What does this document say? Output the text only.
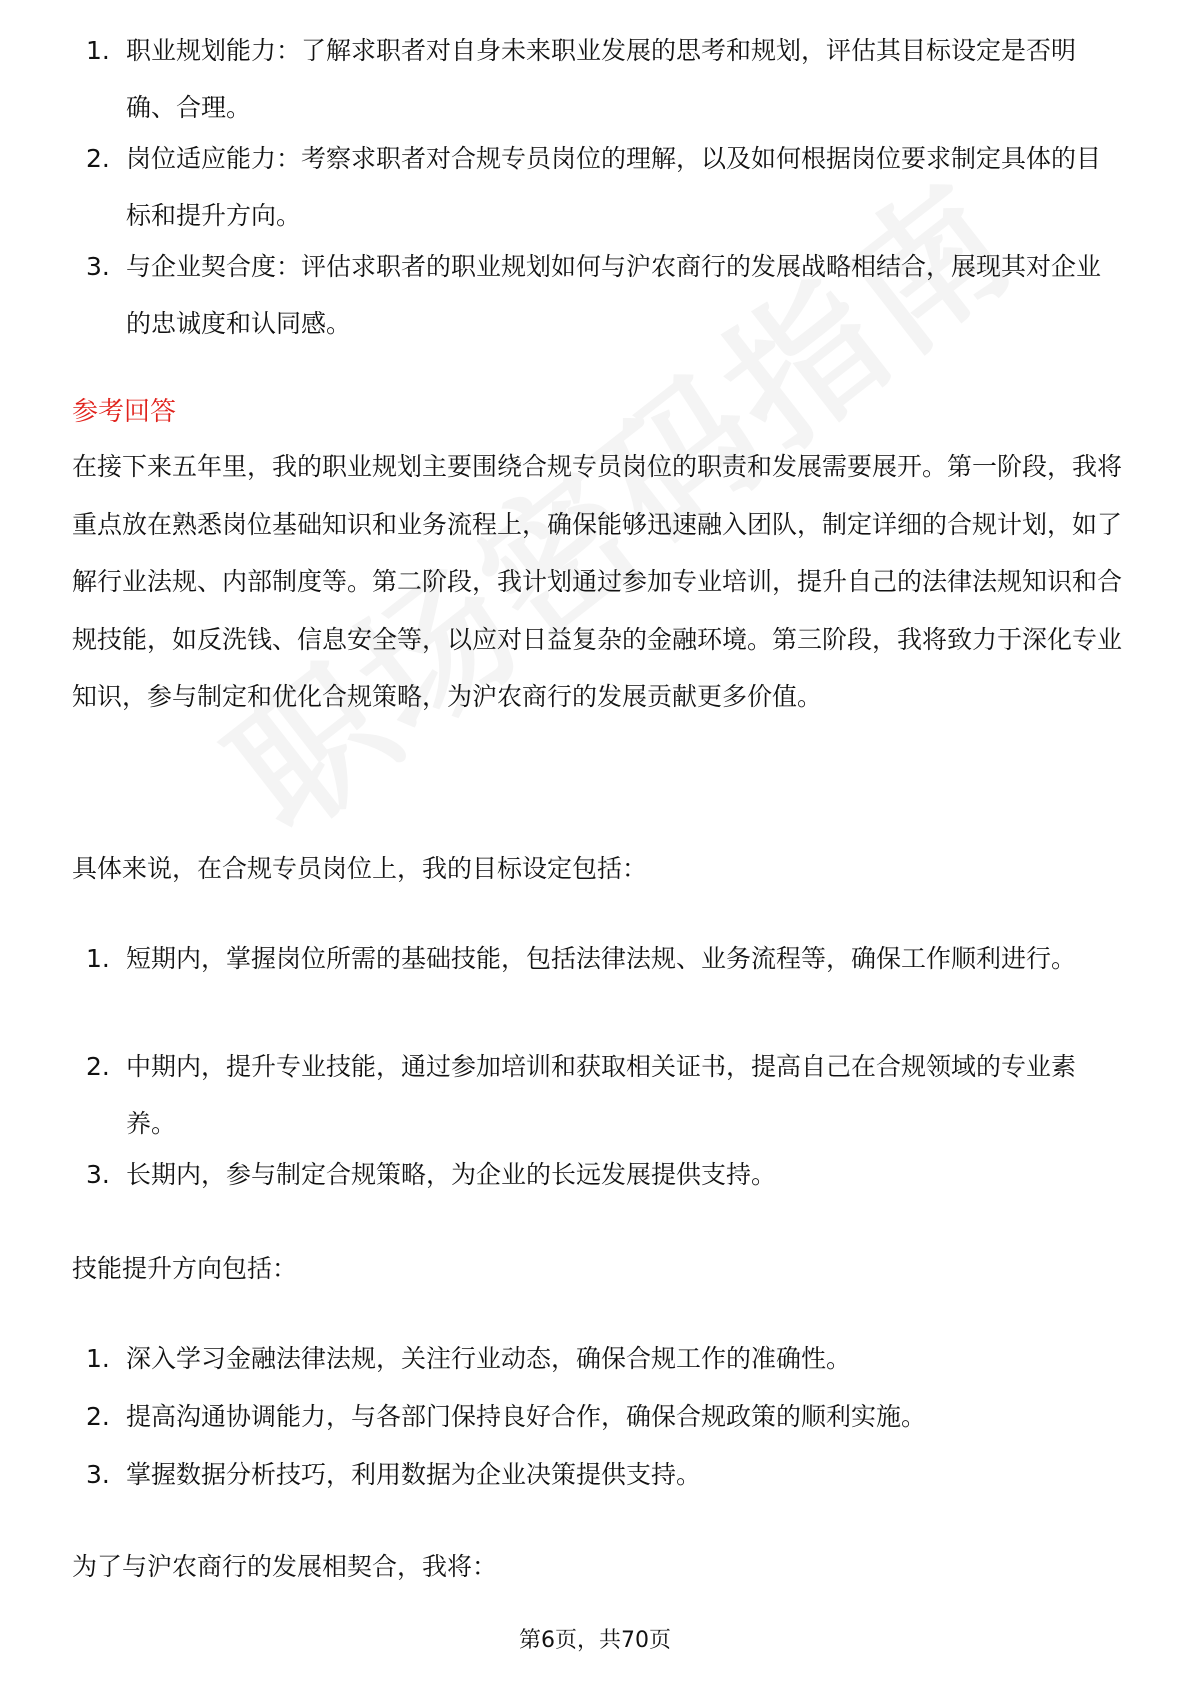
1. 职业规划能力：了解求职者对自身未来职业发展的思考和规划，评估其目标设定是否明确、合理。
2. 岗位适应能力：考察求职者对合规专员岗位的理解，以及如何根据岗位要求制定具体的目标和提升方向。
3. 与企业契合度：评估求职者的职业规划如何与沪农商行的发展战略相结合，展现其对企业的忠诚度和认同感。
参考回答

在接下来五年里，我的职业规划主要围绕合规专员岗位的职责和发展需要展开。第一阶段，我将重点放在熟悉岗位基础知识和业务流程上，确保能够迅速融入团队，制定详细的合规计划，如了解行业法规、内部制度等。第二阶段，我计划通过参加专业培训，提升自己的法律法规知识和合规技能，如反洗钱、信息安全等，以应对日益复杂的金融环境。第三阶段，我将致力于深化专业知识，参与制定和优化合规策略，为沪农商行的发展贡献更多价值。

具体来说，在合规专员岗位上，我的目标设定包括：

1. 短期内，掌握岗位所需的基础技能，包括法律法规、业务流程等，确保工作顺利进行。
2. 中期内，提升专业技能，通过参加培训和获取相关证书，提高自己在合规领域的专业素养。
3. 长期内，参与制定合规策略，为企业的长远发展提供支持。

技能提升方向包括：

1. 深入学习金融法律法规，关注行业动态，确保合规工作的准确性。
2. 提高沟通协调能力，与各部门保持良好合作，确保合规政策的顺利实施。
3. 掌握数据分析技巧，利用数据为企业决策提供支持。

为了与沪农商行的发展相契合，我将：

第6页，共70页
